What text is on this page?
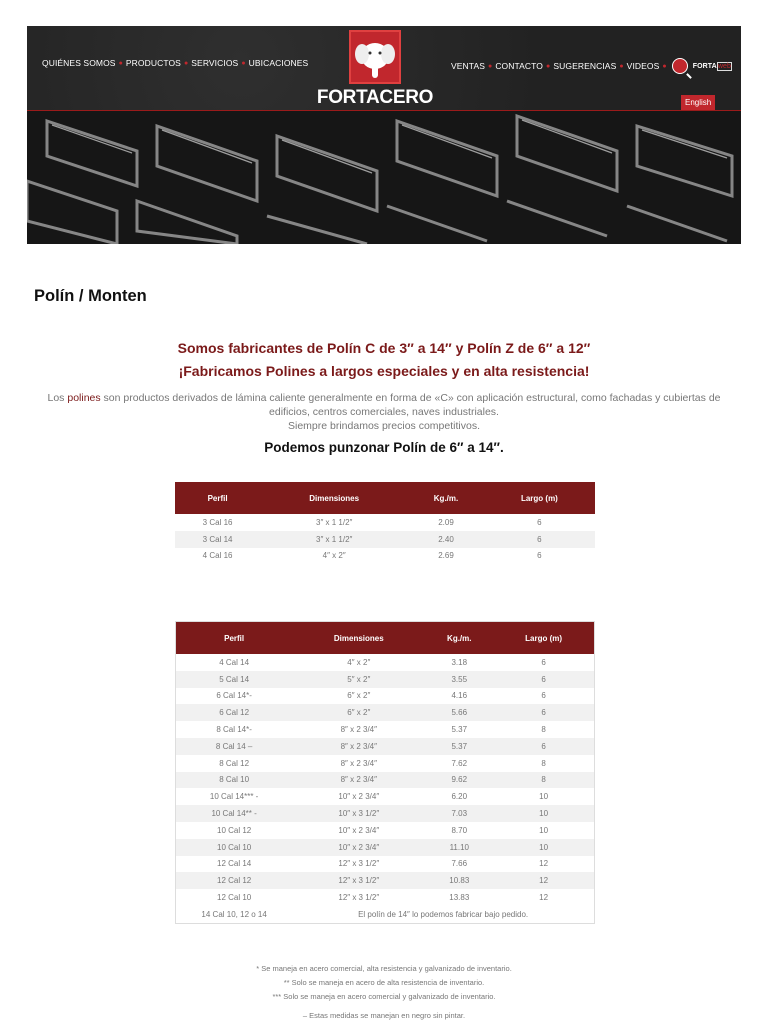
QUIÉNES SOMOS ● PRODUCTOS ● SERVICIOS ● UBICACIONES
FORTACERO
VENTAS ● CONTACTO ● SUGERENCIAS ● VIDEOS ●	FORTA web
English
Polín / Monten
Somos fabricantes de Polín C de 3″ a 14″ y Polín Z de 6″ a 12″
¡Fabricamos Polines a largos especiales y en alta resistencia!
Los polines son productos derivados de lámina caliente generalmente en forma de «C» con aplicación estructural, como fachadas y cubiertas de edificios, centros comerciales, naves industriales.
Siempre brindamos precios competitivos.
Podemos punzonar Polín de 6″ a 14″.
Perfil	Dimensiones	Kg./m.	Largo (m)
3 Cal 16	3″ x 1 1/2″	2.09	6
3 Cal 14	3″ x 1 1/2″	2.40	6
4 Cal 16	4″ x 2″	2.69	6
Perfil	Dimensiones	Kg./m.	Largo (m)
4 Cal 14	4″ x 2″	3.18	6
5 Cal 14	5″ x 2″	3.55	6
6 Cal 14*-	6″ x 2″	4.16	6
6 Cal 12	6″ x 2″	5.66	6
8 Cal 14*-	8″ x 2 3/4″	5.37	8
8 Cal 14 –	8″ x 2 3/4″	5.37	6
8 Cal 12	8″ x 2 3/4″	7.62	8
8 Cal 10	8″ x 2 3/4″	9.62	8
10 Cal 14*** -	10″ x 2 3/4″	6.20	10
10 Cal 14** -	10″ x 3 1/2″	7.03	10
10 Cal 12	10″ x 2 3/4″	8.70	10
10 Cal 10	10″ x 2 3/4″	11.10	10
12 Cal 14	12″ x 3 1/2″	7.66	12
12 Cal 12	12″ x 3 1/2″	10.83	12
12 Cal 10	12″ x 3 1/2″	13.83	12
14 Cal 10, 12 o 14	El polín de 14″ lo podemos fabricar bajo pedido.		
* Se maneja en acero comercial, alta resistencia y galvanizado de inventario.
** Solo se maneja en acero de alta resistencia de inventario.
*** Solo se maneja en acero comercial y galvanizado de inventario.
– Estas medidas se manejan en negro sin pintar.
